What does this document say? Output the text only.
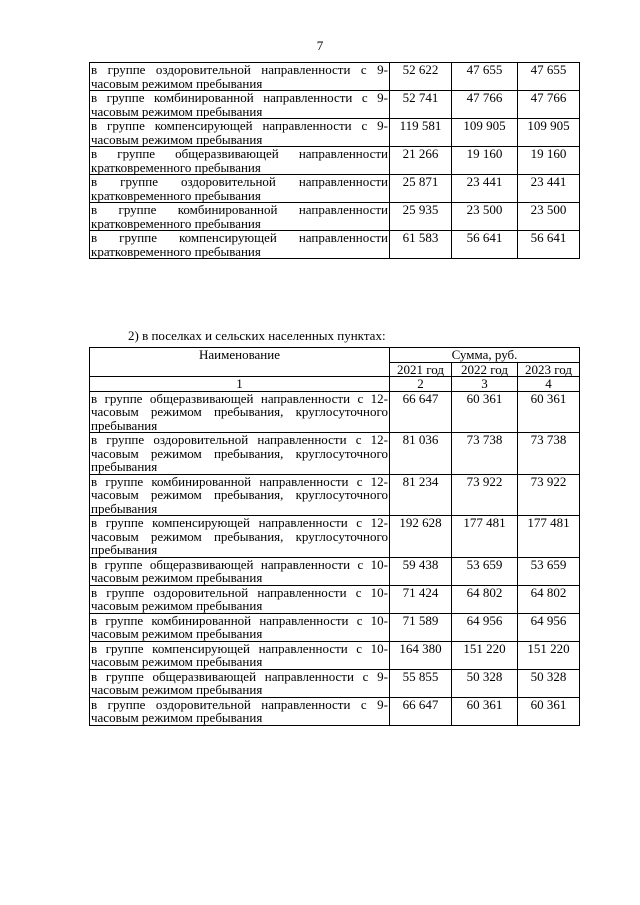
7
в группе оздоровительной направленности с 9-часовым режимом пребывания	52 622	47 655	47 655
в группе комбинированной направленности с 9-часовым режимом пребывания	52 741	47 766	47 766
в группе компенсирующей направленности с 9-часовым режимом пребывания	119 581	109 905	109 905
в группе общеразвивающей направленности кратковременного пребывания	21 266	19 160	19 160
в группе оздоровительной направленности кратковременного пребывания	25 871	23 441	23 441
в группе комбинированной направленности кратковременного пребывания	25 935	23 500	23 500
в группе компенсирующей направленности кратковременного пребывания	61 583	56 641	56 641
2) в поселках и сельских населенных пунктах:
Наименование	Сумма, руб.		
	2021 год	2022 год	2023 год
1	2	3	4
в группе общеразвивающей направленности с 12-часовым режимом пребывания, круглосуточного пребывания	66 647	60 361	60 361
в группе оздоровительной направленности с 12-часовым режимом пребывания, круглосуточного пребывания	81 036	73 738	73 738
в группе комбинированной направленности с 12-часовым режимом пребывания, круглосуточного пребывания	81 234	73 922	73 922
в группе компенсирующей направленности с 12-часовым режимом пребывания, круглосуточного пребывания	192 628	177 481	177 481
в группе общеразвивающей направленности с 10-часовым режимом пребывания	59 438	53 659	53 659
в группе оздоровительной направленности с 10-часовым режимом пребывания	71 424	64 802	64 802
в группе комбинированной направленности с 10-часовым режимом пребывания	71 589	64 956	64 956
в группе компенсирующей направленности с 10-часовым режимом пребывания	164 380	151 220	151 220
в группе общеразвивающей направленности с 9-часовым режимом пребывания	55 855	50 328	50 328
в группе оздоровительной направленности с 9-часовым режимом пребывания	66 647	60 361	60 361
